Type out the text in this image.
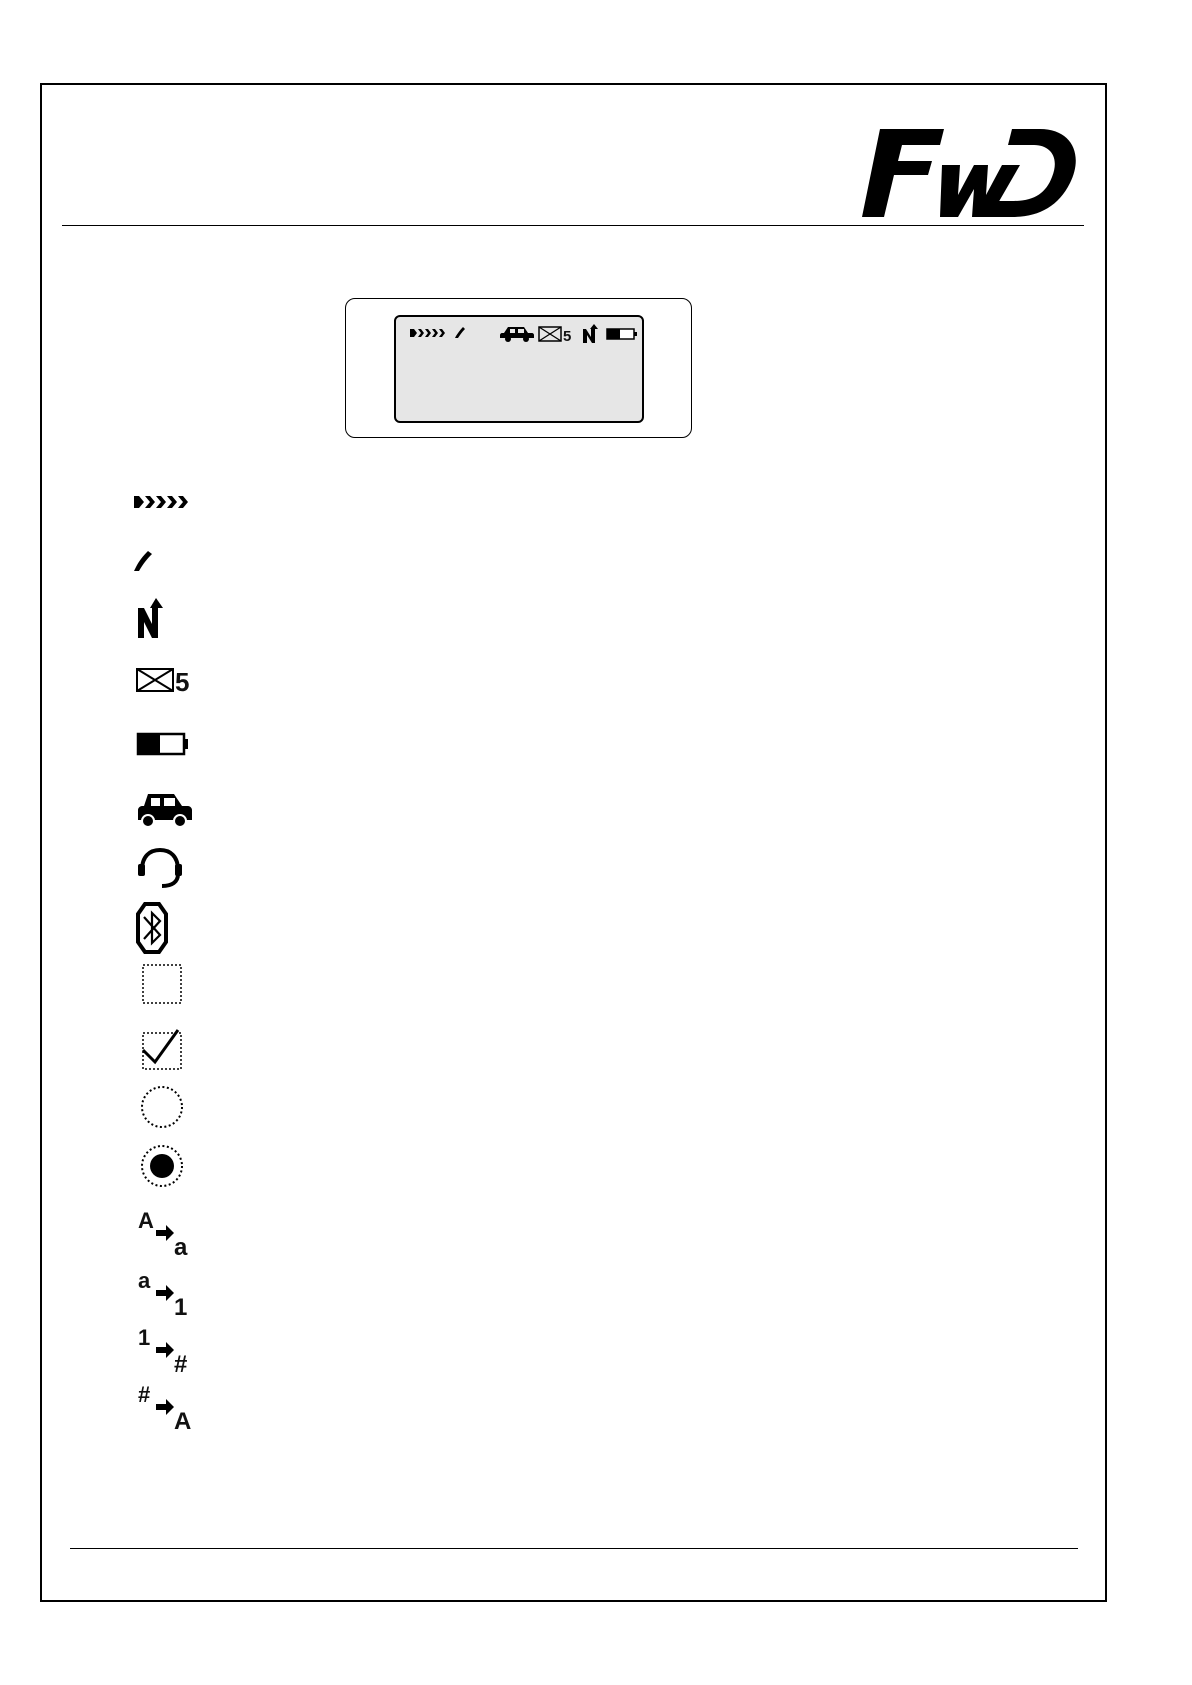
5
5
A
a
a
1
1
#
#
A
